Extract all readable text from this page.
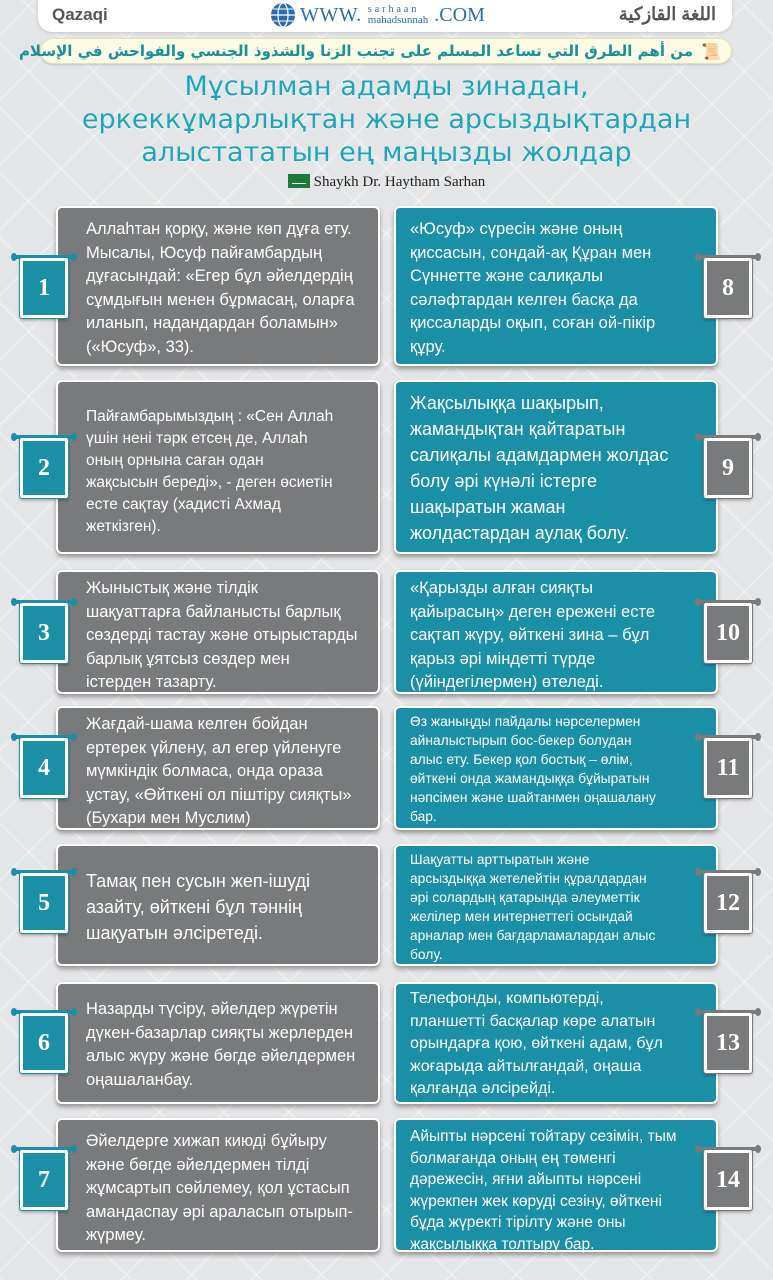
Qazaqi	WWW. sarhaan
mahadsunnah .COM	اللغة القازكية
من أهم الطرق التي تساعد المسلم على تجنب الزنا والشذوذ الجنسي والفواحش في الإسلام 📜

Мұсылман адамды зинадан,
еркеккұмарлықтан және арсыздықтардан
алыстататын ең маңызды жолдар

Shaykh Dr. Haytham Sarhan

Аллаһтан қорқу, және көп дұға ету.
Мысалы, Юсуф пайғамбардың
дұғасындай: «Егер бұл әйелдердің
сұмдығын менен бұрмасаң, оларға
иланып, надандардан боламын»
(«Юсуф», 33).

1

Пайғамбарымыздың : «Сен Аллаһ
үшін нені тәрк етсең де, Аллаһ
оның орнына саған одан
жақсысын береді», - деген өсиетін
есте сақтау (хадисті Ахмад
жеткізген).

2

Жыныстық және тілдік
шақуаттарға байланысты барлық
сөздерді тастау және отырыстарды
барлық ұятсыз сөздер мен
істерден тазарту.

3

Жағдай-шама келген бойдан
ертерек үйлену, ал егер үйленуге
мүмкіндік болмаса, онда ораза
ұстау, «Өйткені ол піштіру сияқты»
(Бухари мен Муслим)

4

Тамақ пен сусын жеп-ішуді
азайту, өйткені бұл тәннің
шақуатын әлсіретеді.

5

Назарды түсіру, әйелдер жүретін
дүкен-базарлар сияқты жерлерден
алыс жүру және бөгде әйелдермен
оңашаланбау.

6

Әйелдерге хижап киюді бұйыру
және бөгде әйелдермен тілді
жұмсартып сөйлемеу, қол ұстасып
амандаспау әрі араласып отырып-
жүрмеу.

7

«Юсуф» сүресін және оның
қиссасын, сондай-ақ Құран мен
Сүннетте және салиқалы
сәләфтардан келген басқа да
қиссаларды оқып, соған ой-пікір
құру.

8

Жақсылыққа шақырып,
жамандықтан қайтаратын
салиқалы адамдармен жолдас
болу әрі күнәлі істерге
шақыратын жаман
жолдастардан аулақ болу.

9

«Қарызды алған сияқты
қайырасың» деген ережені есте
сақтап жүру, өйткені зина – бұл
қарыз әрі міндетті түрде
(үйіндегілермен) өтеледі.

10

Өз жаныңды пайдалы нәрселермен
айналыстырып бос-бекер болудан
алыс ету. Бекер қол бостық – өлім,
өйткені онда жамандыққа бұйыратын
нәпсімен және шайтанмен оңашалану
бар.

11

Шақуатты арттыратын және
арсыздыққа жетелейтін құралдардан
әрі солардың қатарында әлеуметтік
желілер мен интернеттегі осындай
арналар мен бағдарламалардан алыс
болу.

12

Телефонды, компьютерді,
планшетті басқалар көре алатын
орындарға қою, өйткені адам, бұл
жоғарыда айтылғандай, оңаша
қалғанда әлсірейді.

13

Айыпты нәрсені тойтару сезімін, тым
болмағанда оның ең төменгі
дәрежесін, яғни айыпты нәрсені
жүрекпен жек көруді сезіну, өйткені
бұда жүректі тірілту және оны
жақсылыққа толтыру бар.

14
